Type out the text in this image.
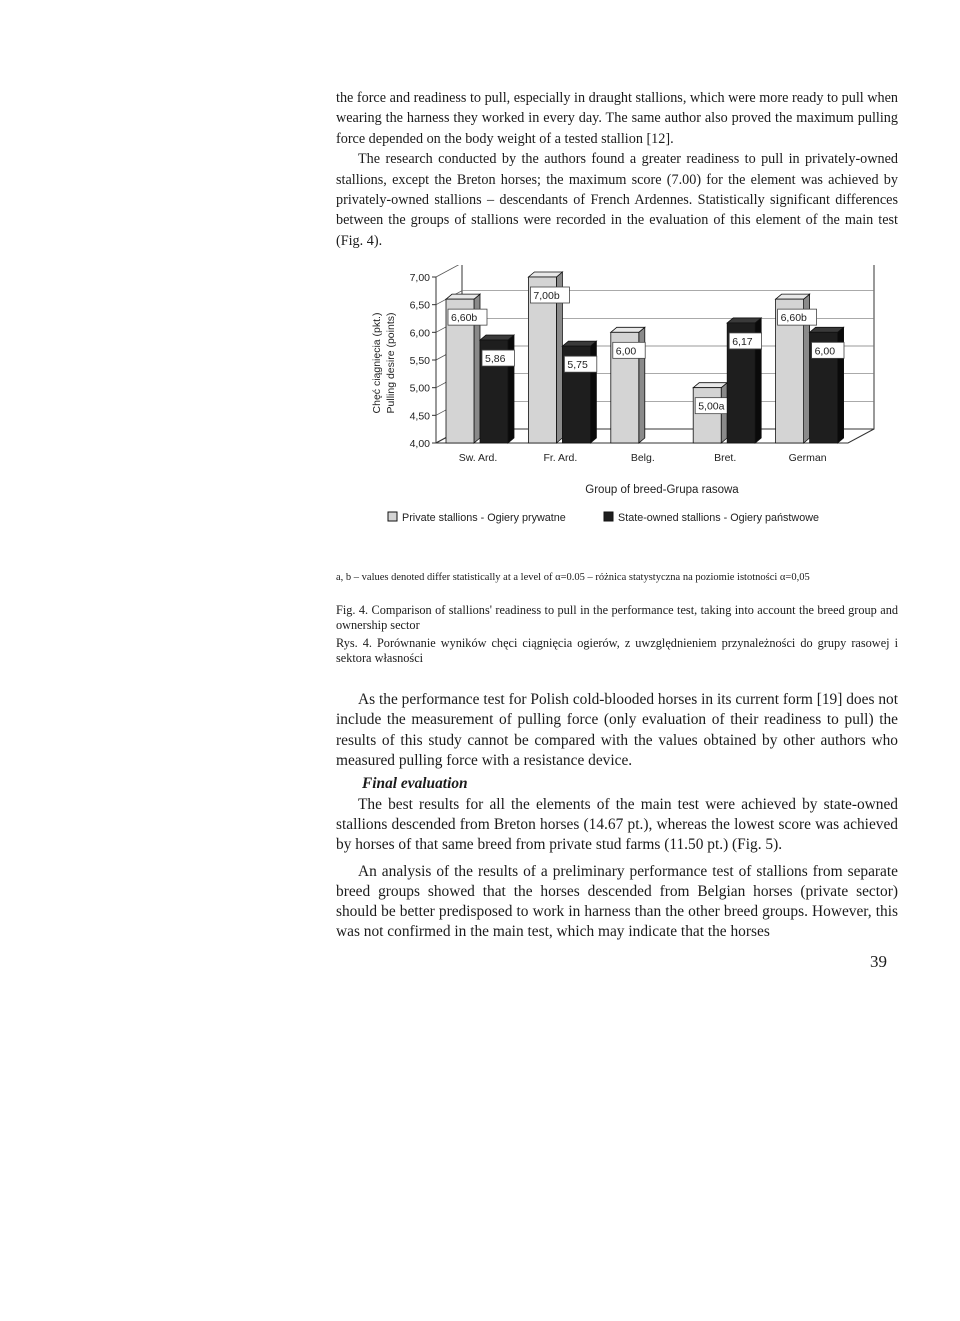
the force and readiness to pull, especially in draught stallions, which were more ready to pull when wearing the harness they worked in every day. The same author also proved the maximum pulling force depended on the body weight of a tested stallion [12].

The research conducted by the authors found a greater readiness to pull in privately-owned stallions, except the Breton horses; the maximum score (7.00) for the element was achieved by privately-owned stallions – descendants of French Ardennes. Statistically significant differences between the groups of stallions were recorded in the evaluation of this element of the main test (Fig. 4).

4,00
4,50
5,00
5,50
6,00
6,50
7,00
Chęć ciągnięcia (pkt.) Pulling desire (points)	6,60b
5,86
Sw. Ard.
7,00b
5,75
Fr. Ard.
6,00
Belg.
5,00a
6,17
Bret.
6,60b
6,00
German
Group of breed-Grupa rasowa
Private stallions - Ogiery prywatne	State-owned stallions - Ogiery państwowe

a, b – values denoted differ statistically at a level of α=0.05 – różnica statystyczna na poziomie istotności α=0,05

Fig. 4. Comparison of stallions' readiness to pull in the performance test, taking into account the breed group and ownership sector

Rys. 4. Porównanie wyników chęci ciągnięcia ogierów, z uwzględnieniem przynależności do grupy rasowej i sektora własności

As the performance test for Polish cold-blooded horses in its current form [19] does not include the measurement of pulling force (only evaluation of their readiness to pull) the results of this study cannot be compared with the values obtained by other authors who measured pulling force with a resistance device.

Final evaluation

The best results for all the elements of the main test were achieved by state-owned stallions descended from Breton horses (14.67 pt.), whereas the lowest score was achieved by horses of that same breed from private stud farms (11.50 pt.) (Fig. 5).

An analysis of the results of a preliminary performance test of stallions from separate breed groups showed that the horses descended from Belgian horses (private sector) should be better predisposed to work in harness than the other breed groups. However, this was not confirmed in the main test, which may indicate that the horses

39
